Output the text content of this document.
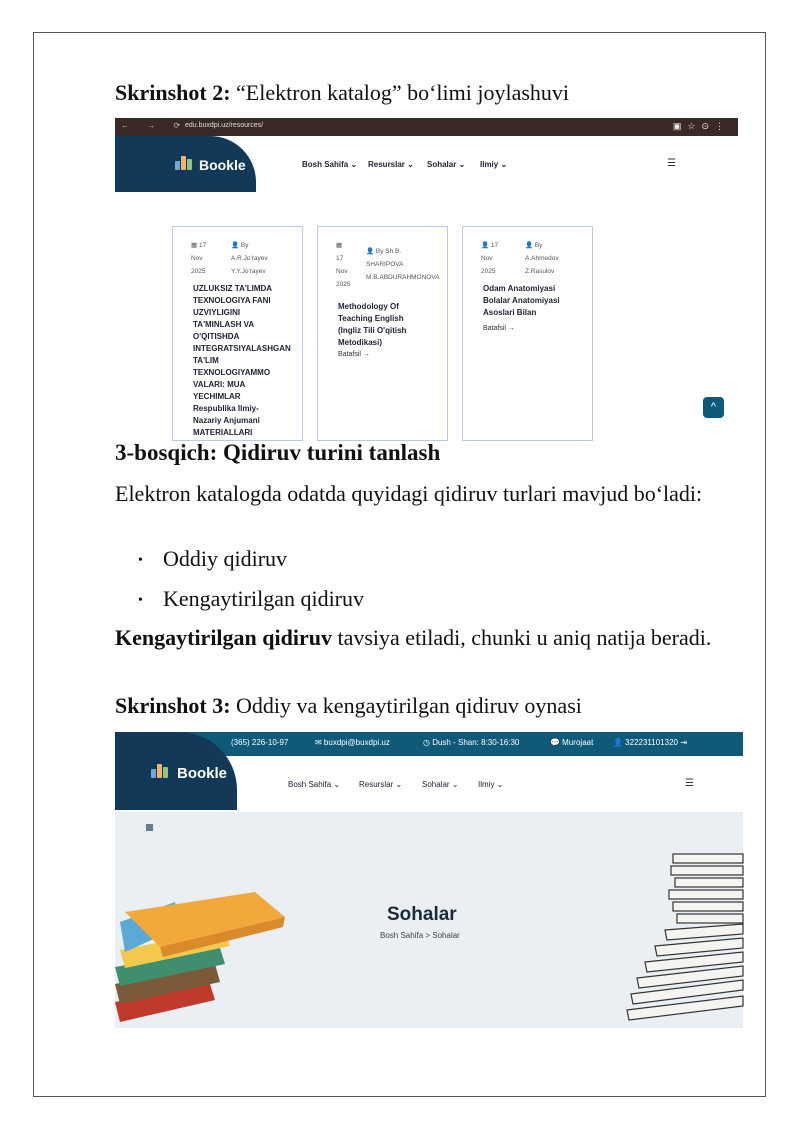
Skrinshot 2: “Elektron katalog” bo‘limi joylashuvi
← → ⟳
edu.buxdpi.uz/resources/	▣☆⊙⋮
Bookle	Bosh Sahifa ⌄ Resurslar ⌄ Sohalar ⌄ Ilmiy ⌄	☰
▦ 17
Nov
2025
👤 By
A.R.Jo'rayev
Y.Y.Jo'rayev
UZLUKSIZ TA'LIMDA
TEXNOLOGIYA FANI
UZVIYLIGINI
TA'MINLASH VA
O'QITISHDA
INTEGRATSIYALASHGAN
TA'LIM
TEXNOLOGIYAMMO
VALARI: MUA
YECHIMLAR
Respublika Ilmiy-
Nazariy Anjumani
MATERIALLARI
▦
17
Nov
2025
👤 By Sh.B.
SHARIPOVA
M.B.ABDURAHMONOVA
Methodology Of
Teaching English
(Ingliz Tili O'qitish
Metodikasi)
Batafsil →
👤 17
Nov
2025
👤 By
A.Ahmedov
Z.Rasulov
Odam Anatomiyasi
Bolalar Anatomiyasi
Asoslari Bilan
Batafsil →
^
3-bosqich: Qidiruv turini tanlash
Elektron katalogda odatda quyidagi qidiruv turlari mavjud bo‘ladi:
• Oddiy qidiruv
• Kengaytirilgan qidiruv
Kengaytirilgan qidiruv tavsiya etiladi, chunki u aniq natija beradi.
Skrinshot 3: Oddiy va kengaytirilgan qidiruv oynasi
(365) 226-10-97	✉ buxdpi@buxdpi.uz	◷ Dush - Shan: 8:30-16:30	💬 Murojaat 👤 322231101320 ⇥
Bookle
Bosh Sahifa ⌄ Resurslar ⌄ Sohalar ⌄ Ilmiy ⌄	☰
Sohalar
Bosh Sahifa > Sohalar
